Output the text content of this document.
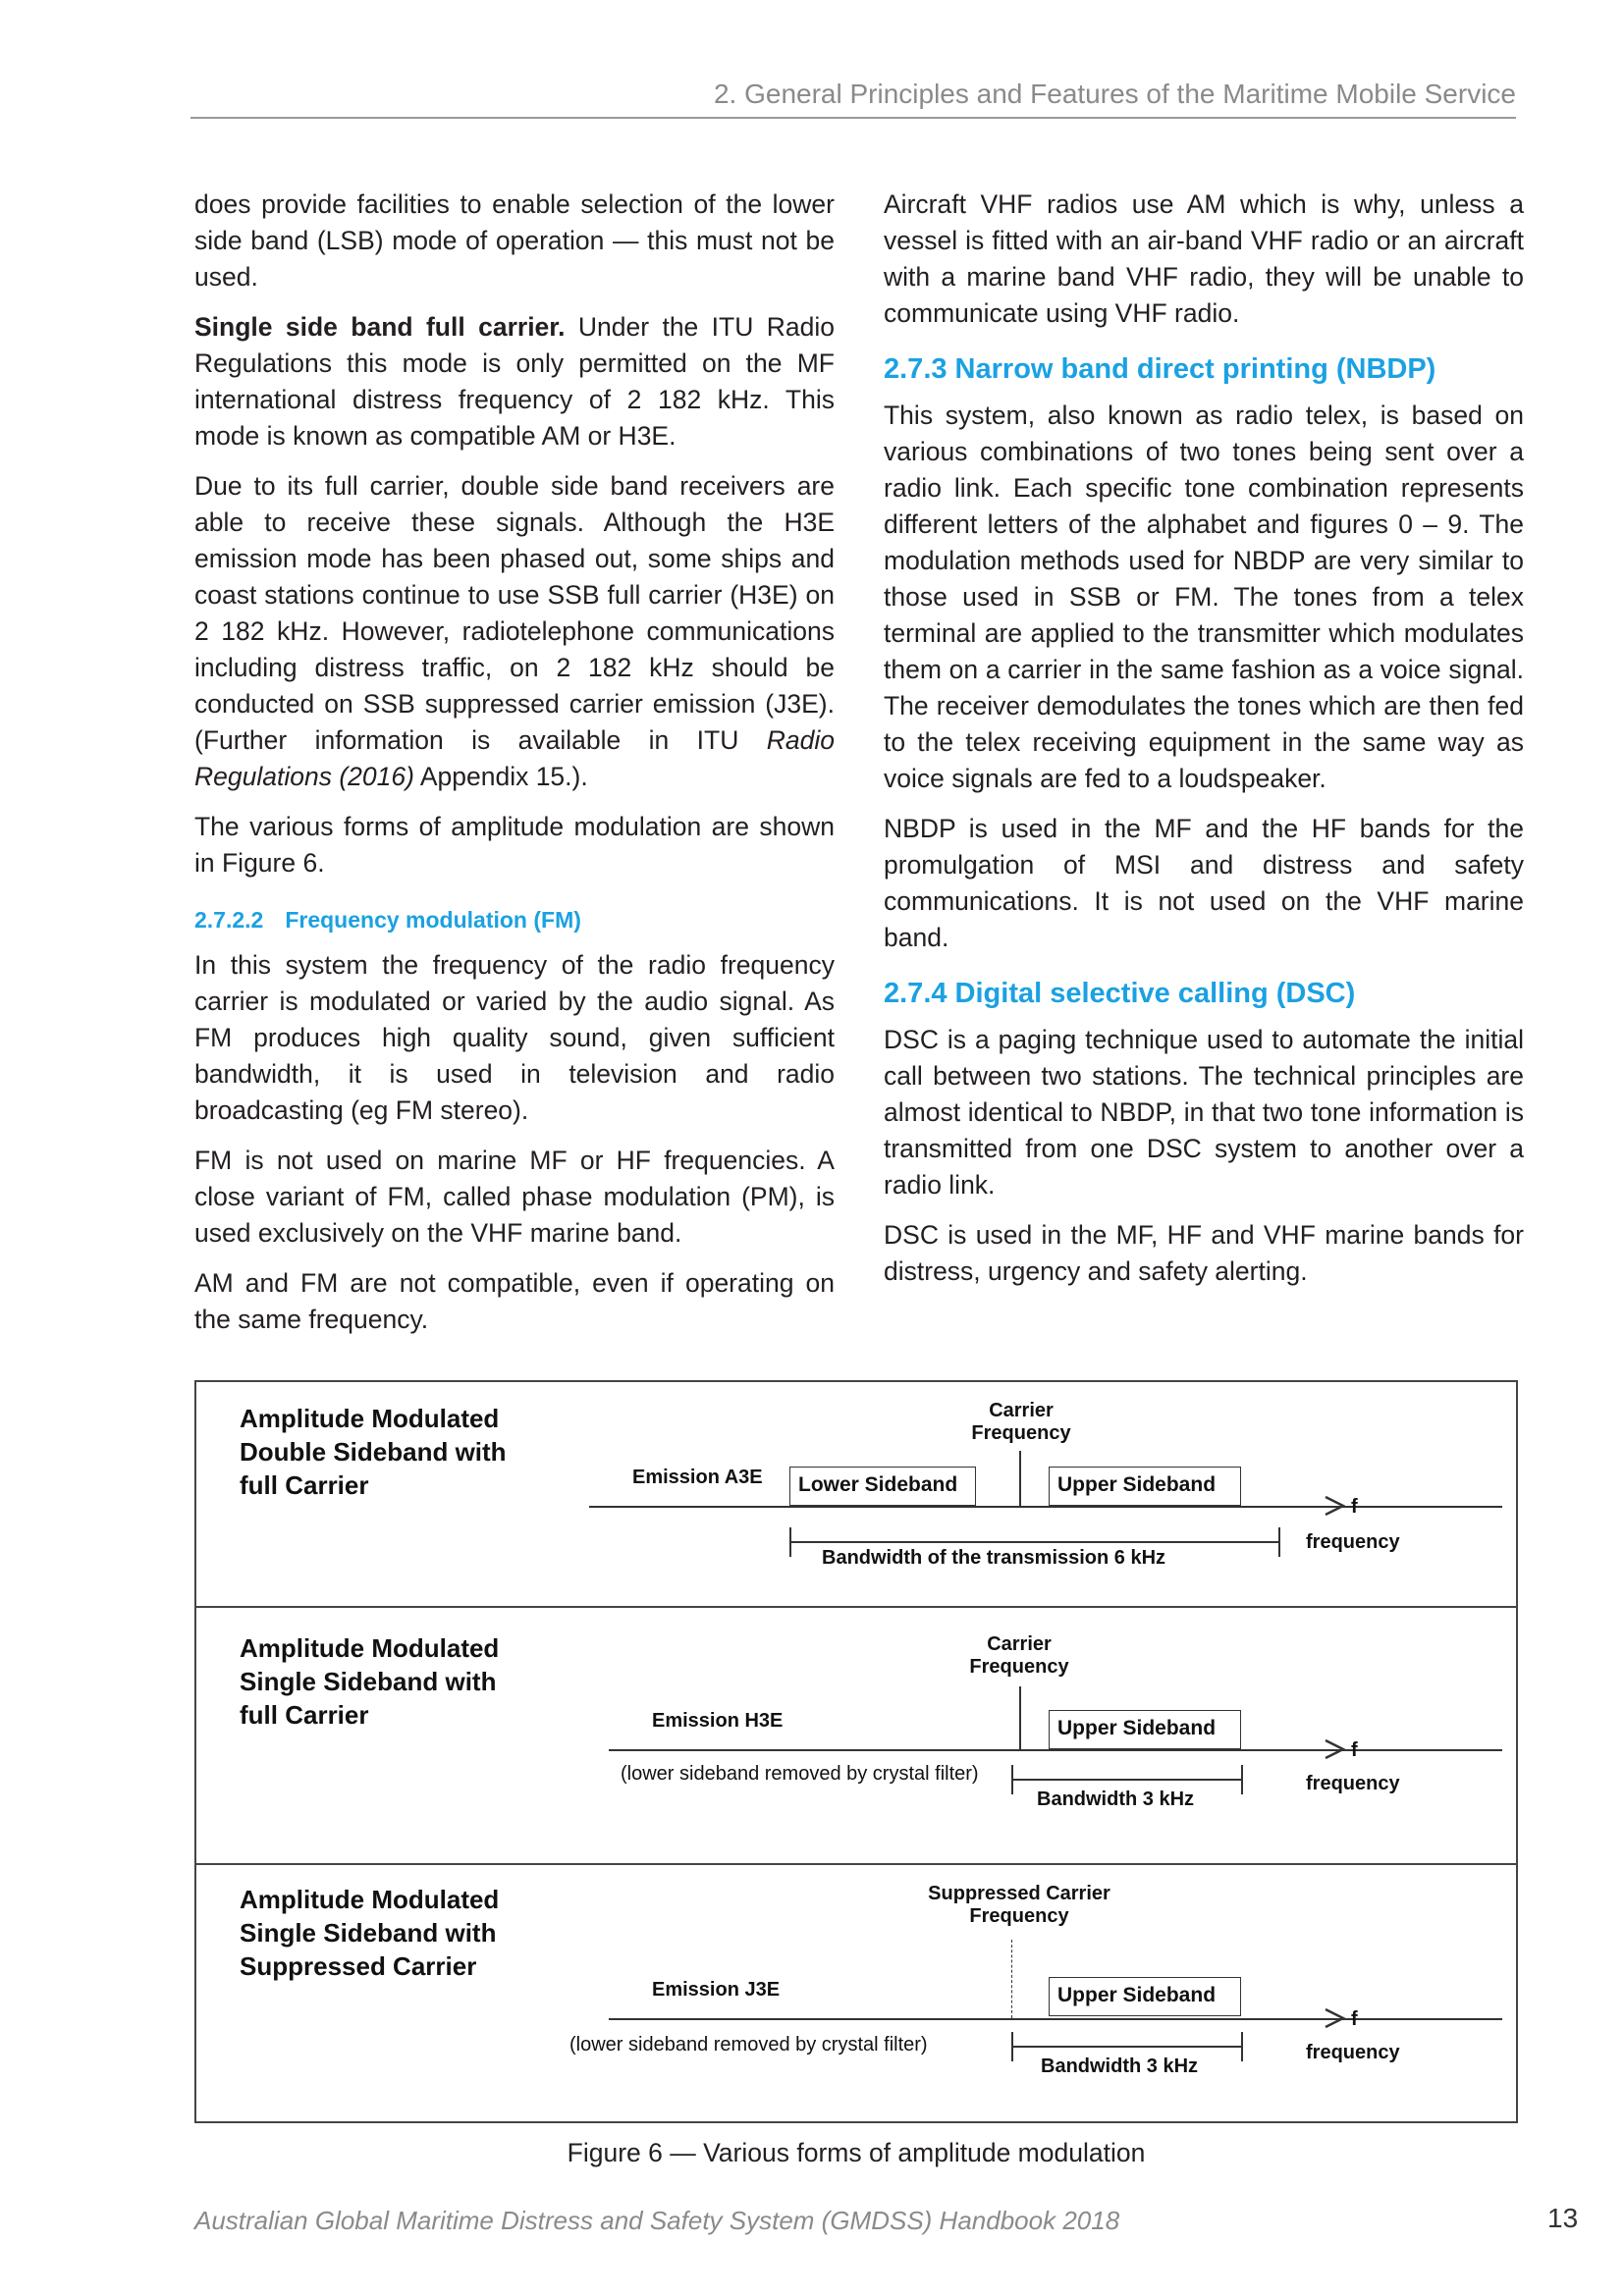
2. General Principles and Features of the Maritime Mobile Service

does provide facilities to enable selection of the lower side band (LSB) mode of operation — this must not be used.

Single side band full carrier. Under the ITU Radio Regulations this mode is only permitted on the MF international distress frequency of 2 182 kHz. This mode is known as compatible AM or H3E.

Due to its full carrier, double side band receivers are able to receive these signals. Although the H3E emission mode has been phased out, some ships and coast stations continue to use SSB full carrier (H3E) on 2 182 kHz. However, radiotelephone communications including distress traffic, on 2 182 kHz should be conducted on SSB suppressed carrier emission (J3E). (Further information is available in ITU Radio Regulations (2016) Appendix 15.).

The various forms of amplitude modulation are shown in Figure 6.

2.7.2.2 Frequency modulation (FM)

In this system the frequency of the radio frequency carrier is modulated or varied by the audio signal. As FM produces high quality sound, given sufficient bandwidth, it is used in television and radio broadcasting (eg FM stereo).

FM is not used on marine MF or HF frequencies. A close variant of FM, called phase modulation (PM), is used exclusively on the VHF marine band.

AM and FM are not compatible, even if operating on the same frequency.

Aircraft VHF radios use AM which is why, unless a vessel is fitted with an air-band VHF radio or an aircraft with a marine band VHF radio, they will be unable to communicate using VHF radio.

2.7.3 Narrow band direct printing (NBDP)

This system, also known as radio telex, is based on various combinations of two tones being sent over a radio link. Each specific tone combination represents different letters of the alphabet and figures 0 – 9. The modulation methods used for NBDP are very similar to those used in SSB or FM. The tones from a telex terminal are applied to the transmitter which modulates them on a carrier in the same fashion as a voice signal. The receiver demodulates the tones which are then fed to the telex receiving equipment in the same way as voice signals are fed to a loudspeaker.

NBDP is used in the MF and the HF bands for the promulgation of MSI and distress and safety communications. It is not used on the VHF marine band.

2.7.4 Digital selective calling (DSC)

DSC is a paging technique used to automate the initial call between two stations. The technical principles are almost identical to NBDP, in that two tone information is transmitted from one DSC system to another over a radio link.

DSC is used in the MF, HF and VHF marine bands for distress, urgency and safety alerting.

Amplitude Modulated
Double Sideband with
full Carrier
Carrier
Frequency
Emission A3E	Lower Sideband	Upper Sideband
f
frequency
Bandwidth of the transmission 6 kHz
Amplitude Modulated
Single Sideband with
full Carrier
Carrier
Frequency
Emission H3E	Upper Sideband
f
frequency
(lower sideband removed by crystal filter)
Bandwidth 3 kHz
Amplitude Modulated
Single Sideband with
Suppressed Carrier
Suppressed Carrier
Frequency
Emission J3E	Upper Sideband
f
frequency
(lower sideband removed by crystal filter)
Bandwidth 3 kHz
Figure 6 — Various forms of amplitude modulation
Australian Global Maritime Distress and Safety System (GMDSS) Handbook 2018	13
